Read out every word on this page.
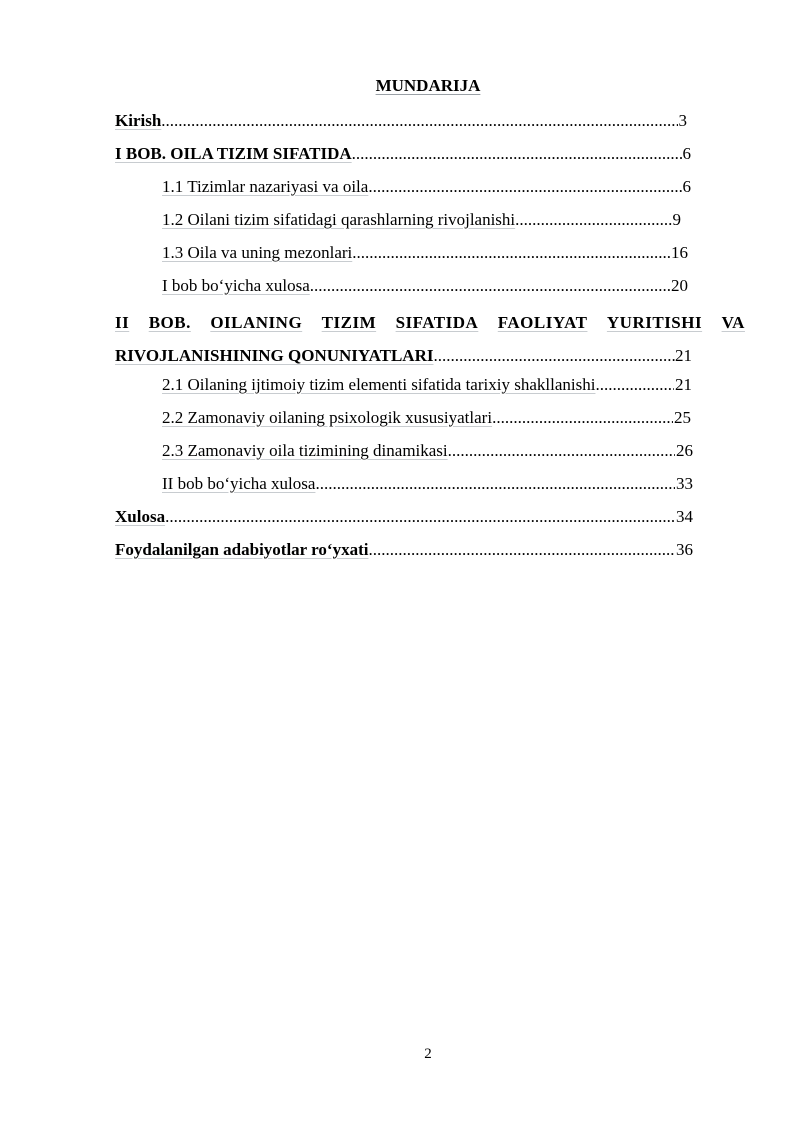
MUNDARIJA
Kirish .....	3
I BOB. OILA TIZIM SIFATIDA .....	6
1.1 Tizimlar nazariyasi va oila .....	6
1.2 Oilani tizim sifatidagi qarashlarning rivojlanishi .....	9
1.3 Oila va uning mezonlari .....	16
I bob bo‘yicha xulosa .....	20
II BOB. OILANING TIZIM SIFATIDA FAOLIYAT YURITISHI VA
RIVOJLANISHINING QONUNIYATLARI .....	21
2.1 Oilaning ijtimoiy tizim elementi sifatida tarixiy shakllanishi .....	21
2.2 Zamonaviy oilaning psixologik xususiyatlari .....	25
2.3 Zamonaviy oila tizimining dinamikasi .....	26
II bob bo‘yicha xulosa .....	33
Xulosa .....	34
Foydalanilgan adabiyotlar ro‘yxati .....	36
2
